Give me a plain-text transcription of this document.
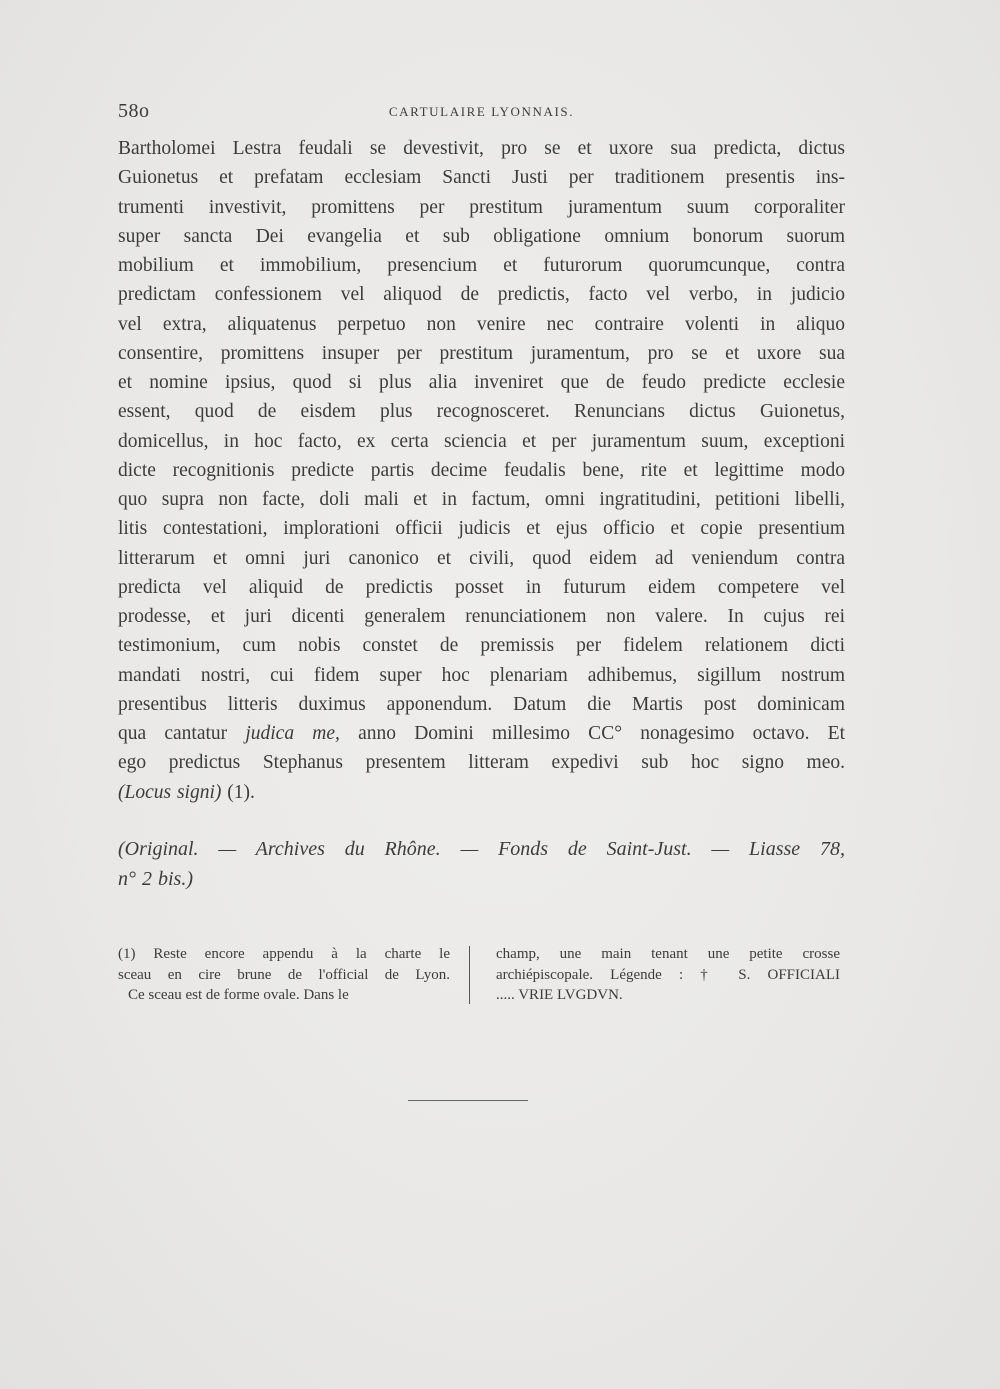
58o	CARTULAIRE LYONNAIS.
Bartholomei Lestra feudali se devestivit, pro se et uxore sua predicta, dictus
Guionetus et prefatam ecclesiam Sancti Justi per traditionem presentis ins-
trumenti investivit, promittens per prestitum juramentum suum corporaliter
super sancta Dei evangelia et sub obligatione omnium bonorum suorum
mobilium et immobilium, presencium et futurorum quorumcunque, contra
predictam confessionem vel aliquod de predictis, facto vel verbo, in judicio
vel extra, aliquatenus perpetuo non venire nec contraire volenti in aliquo
consentire, promittens insuper per prestitum juramentum, pro se et uxore sua
et nomine ipsius, quod si plus alia inveniret que de feudo predicte ecclesie
essent, quod de eisdem plus recognosceret. Renuncians dictus Guionetus,
domicellus, in hoc facto, ex certa sciencia et per juramentum suum, exceptioni
dicte recognitionis predicte partis decime feudalis bene, rite et legittime modo
quo supra non facte, doli mali et in factum, omni ingratitudini, petitioni libelli,
litis contestationi, implorationi officii judicis et ejus officio et copie presentium
litterarum et omni juri canonico et civili, quod eidem ad veniendum contra
predicta vel aliquid de predictis posset in futurum eidem competere vel
prodesse, et juri dicenti generalem renunciationem non valere. In cujus rei
testimonium, cum nobis constet de premissis per fidelem relationem dicti
mandati nostri, cui fidem super hoc plenariam adhibemus, sigillum nostrum
presentibus litteris duximus apponendum. Datum die Martis post dominicam
qua cantatur judica me, anno Domini millesimo CC° nonagesimo octavo. Et
ego predictus Stephanus presentem litteram expedivi sub hoc signo meo.
(Locus signi) (1).
(Original. — Archives du Rhône. — Fonds de Saint-Just. — Liasse 78,
n° 2 bis.)
(1) Reste encore appendu à la charte le
sceau en cire brune de l'official de Lyon.
Ce sceau est de forme ovale. Dans le
champ, une main tenant une petite crosse
archiépiscopale. Légende : † S. OFFICIALI
..... VRIE LVGDVN.
